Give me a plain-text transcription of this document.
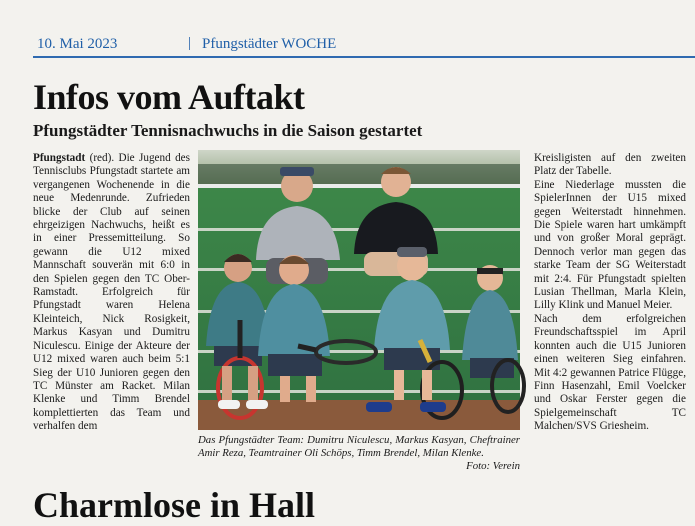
10. Mai 2023	| Pfungstädter WOCHE
Infos vom Auftakt
Pfungstädter Tennisnachwuchs in die Saison gestartet

Pfungstadt (red). Die Jugend des Tennisclubs Pfungstadt startete am vergangenen Wochenende in die neue Medenrunde. Zufrieden blicke der Club auf seinen ehrgeizigen Nachwuchs, heißt es in einer Pressemitteilung. So gewann die U12 mixed Mannschaft souverän mit 6:0 in den Spielen gegen den TC Ober-Ramstadt. Erfolgreich für Pfungstadt waren Helena Kleinteich, Nick Rosigkeit, Markus Kasyan und Dumitru Niculescu. Einige der Akteure der U12 mixed waren auch beim 5:1 Sieg der U10 Junioren gegen den TC Münster am Racket. Milan Klenke und Timm Brendel komplettierten das Team und verhalfen dem

Das Pfungstädter Team: Dumitru Niculescu, Markus Kasyan, Cheftrainer Amir Reza, Teamtrainer Oli Schöps, Timm Brendel, Milan Klenke.
Foto: Verein

Kreisligisten auf den zweiten Platz der Tabelle.

Eine Niederlage mussten die SpielerInnen der U15 mixed gegen Weiterstadt hinnehmen. Die Spiele waren hart umkämpft und von großer Moral geprägt. Dennoch verlor man gegen das starke Team der SG Weiterstadt mit 2:4. Für Pfungstadt spielten Lusian Thellman, Marla Klein, Lilly Klink und Manuel Meier.

Nach dem erfolgreichen Freundschaftsspiel im April konnten auch die U15 Junioren einen weiteren Sieg einfahren. Mit 4:2 gewannen Patrice Flügge, Finn Hasenzahl, Emil Voelcker und Oskar Ferster gegen die Spielgemeinschaft TC Malchen/SVS Griesheim.

Charmlose in Hall
